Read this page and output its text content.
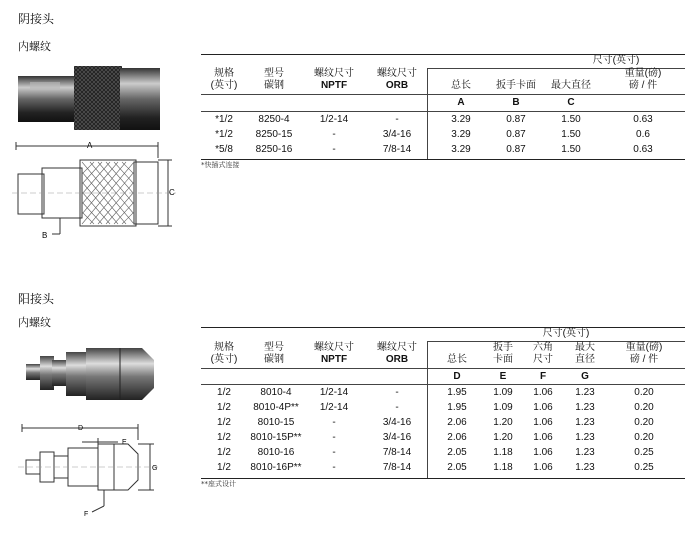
阴接头
内螺纹
A
C
B
尺寸(英寸)
规格
(英寸)
型号
碳钢
螺纹尺寸
NPTF
螺纹尺寸
ORB	总长	扳手卡面	最大直径
重量(磅)
磅 / 件
A	B	C
*1/2	8250-4	1/2-14	-	3.29	0.87	1.50	0.63
*1/2	8250-15	-	3/4-16	3.29	0.87	1.50	0.6
*5/8	8250-16	-	7/8-14	3.29	0.87	1.50	0.63
*快插式连接
阳接头
内螺纹
D
E
G
F
尺寸(英寸)
规格
(英寸)
型号
碳钢
螺纹尺寸
NPTF
螺纹尺寸
ORB	总长
扳手
卡面
六角
尺寸
最大
直径
重量(磅)
磅 / 件
D	E	F	G
1/2	8010-4	1/2-14	-	1.95	1.09	1.06	1.23	0.20
1/2	8010-4P**	1/2-14	-	1.95	1.09	1.06	1.23	0.20
1/2	8010-15	-	3/4-16	2.06	1.20	1.06	1.23	0.20
1/2	8010-15P**	-	3/4-16	2.06	1.20	1.06	1.23	0.20
1/2	8010-16	-	7/8-14	2.05	1.18	1.06	1.23	0.25
1/2	8010-16P**	-	7/8-14	2.05	1.18	1.06	1.23	0.25
**座式设计
